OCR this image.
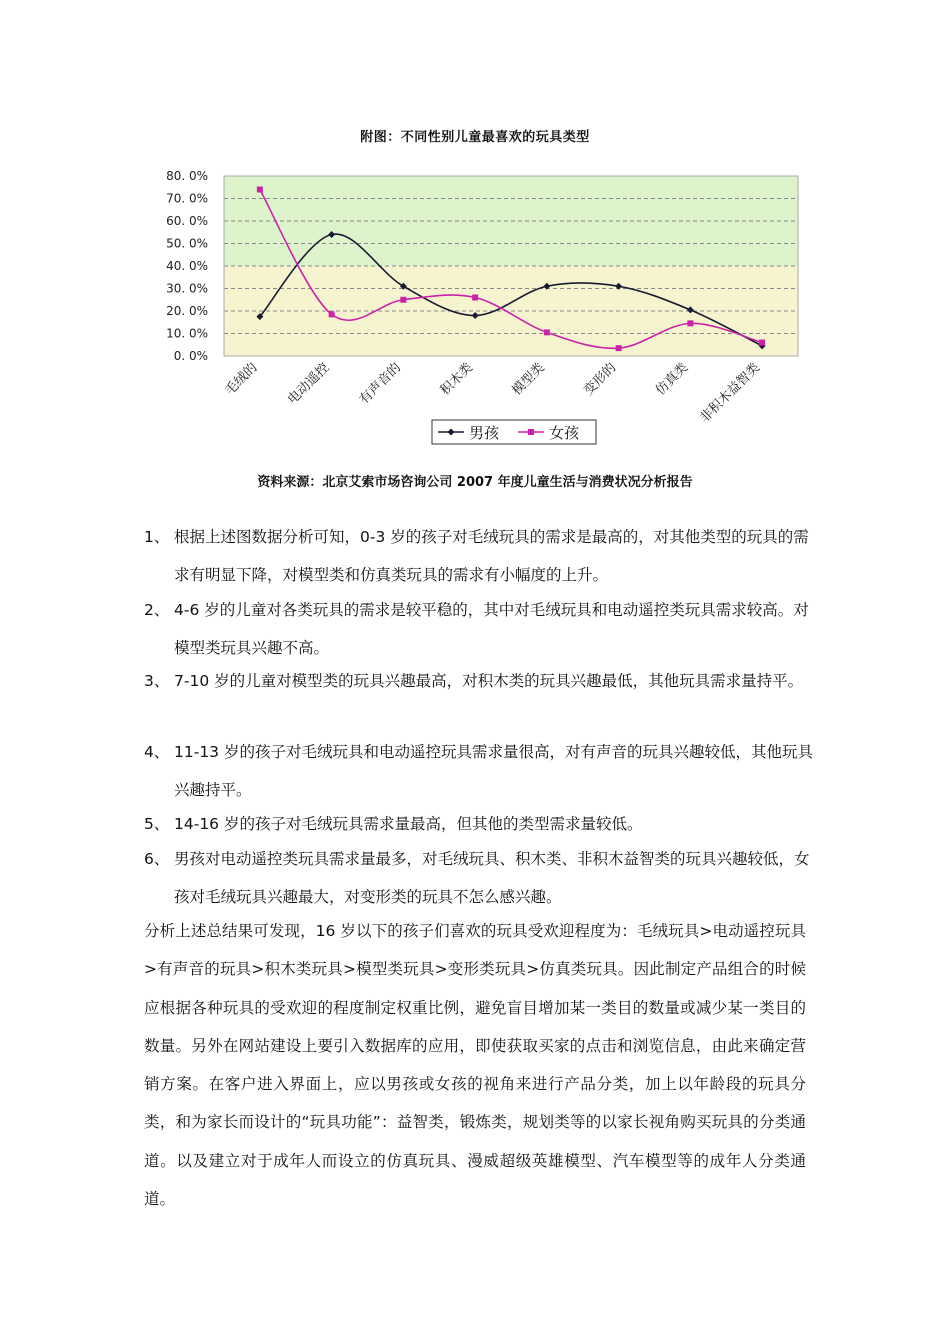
附图：不同性别儿童最喜欢的玩具类型
80. 0%
70. 0%
60. 0%
50. 0%
40. 0%
30. 0%
20. 0%
10. 0%
0. 0%
毛绒的 电动遥控 有声音的	积木类	模型类	变形的	仿真类 非积木益智类
男孩	女孩
资料来源：北京艾索市场咨询公司 2007 年度儿童生活与消费状况分析报告
1、 根据上述图数据分析可知，0-3 岁的孩子对毛绒玩具的需求是最高的，对其他类型的玩具的需求有明显下降，对模型类和仿真类玩具的需求有小幅度的上升。
2、 4-6 岁的儿童对各类玩具的需求是较平稳的，其中对毛绒玩具和电动遥控类玩具需求较高。对模型类玩具兴趣不高。
3、 7-10 岁的儿童对模型类的玩具兴趣最高，对积木类的玩具兴趣最低，其他玩具需求量持平。
4、 11-13 岁的孩子对毛绒玩具和电动遥控玩具需求量很高，对有声音的玩具兴趣较低，其他玩具兴趣持平。
5、 14-16 岁的孩子对毛绒玩具需求量最高，但其他的类型需求量较低。
6、 男孩对电动遥控类玩具需求量最多，对毛绒玩具、积木类、非积木益智类的玩具兴趣较低，女孩对毛绒玩具兴趣最大，对变形类的玩具不怎么感兴趣。
分析上述总结果可发现，16 岁以下的孩子们喜欢的玩具受欢迎程度为：毛绒玩具>电动遥控玩具>有声音的玩具>积木类玩具>模型类玩具>变形类玩具>仿真类玩具。因此制定产品组合的时候应根据各种玩具的受欢迎的程度制定权重比例，避免盲目增加某一类目的数量或减少某一类目的数量。另外在网站建设上要引入数据库的应用，即使获取买家的点击和浏览信息，由此来确定营销方案。在客户进入界面上，应以男孩或女孩的视角来进行产品分类，加上以年龄段的玩具分类，和为家长而设计的“玩具功能”：益智类，锻炼类，规划类等的以家长视角购买玩具的分类通道。以及建立对于成年人而设立的仿真玩具、漫威超级英雄模型、汽车模型等的成年人分类通道。
